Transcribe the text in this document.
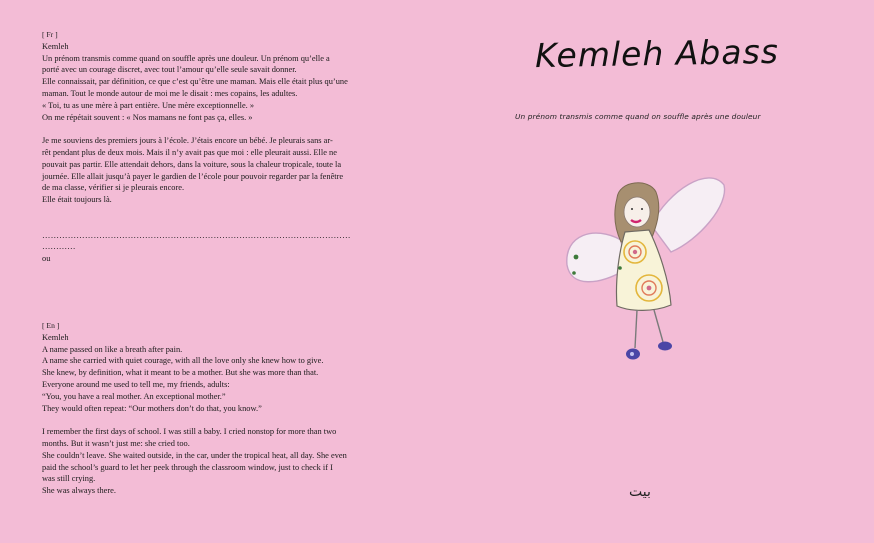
[ Fr ]

Kemleh

Un prénom transmis comme quand on souffle après une douleur. Un prénom qu’elle a

porté avec un courage discret, avec tout l’amour qu’elle seule savait donner.

Elle connaissait, par définition, ce que c’est qu’être une maman. Mais elle était plus qu’une

maman. Tout le monde autour de moi me le disait : mes copains, les adultes.

« Toi, tu as une mère à part entière. Une mère exceptionnelle. »

On me répétait souvent : « Nos mamans ne font pas ça, elles. »

Je me souviens des premiers jours à l’école. J’étais encore un bébé. Je pleurais sans ar-

rêt pendant plus de deux mois. Mais il n’y avait pas que moi : elle pleurait aussi. Elle ne

pouvait pas partir. Elle attendait dehors, dans la voiture, sous la chaleur tropicale, toute la

journée. Elle allait jusqu’à payer le gardien de l’école pour pouvoir regarder par la fenêtre

de ma classe, vérifier si je pleurais encore.

Elle était toujours là.

………………………………………………………………………………………………

…………

ou

[ En ]

Kemleh

A name passed on like a breath after pain.

A name she carried with quiet courage, with all the love only she knew how to give.

She knew, by definition, what it meant to be a mother. But she was more than that.

Everyone around me used to tell me, my friends, adults:

“You, you have a real mother. An exceptional mother.”

They would often repeat: “Our mothers don’t do that, you know.”

I remember the first days of school. I was still a baby. I cried nonstop for more than two

months. But it wasn’t just me: she cried too.

She couldn’t leave. She waited outside, in the car, under the tropical heat, all day. She even

paid the school’s guard to let her peek through the classroom window, just to check if I

was still crying.

She was always there.

Kemleh Abass
Un prénom transmis comme quand on souffle après une douleur
بيت
